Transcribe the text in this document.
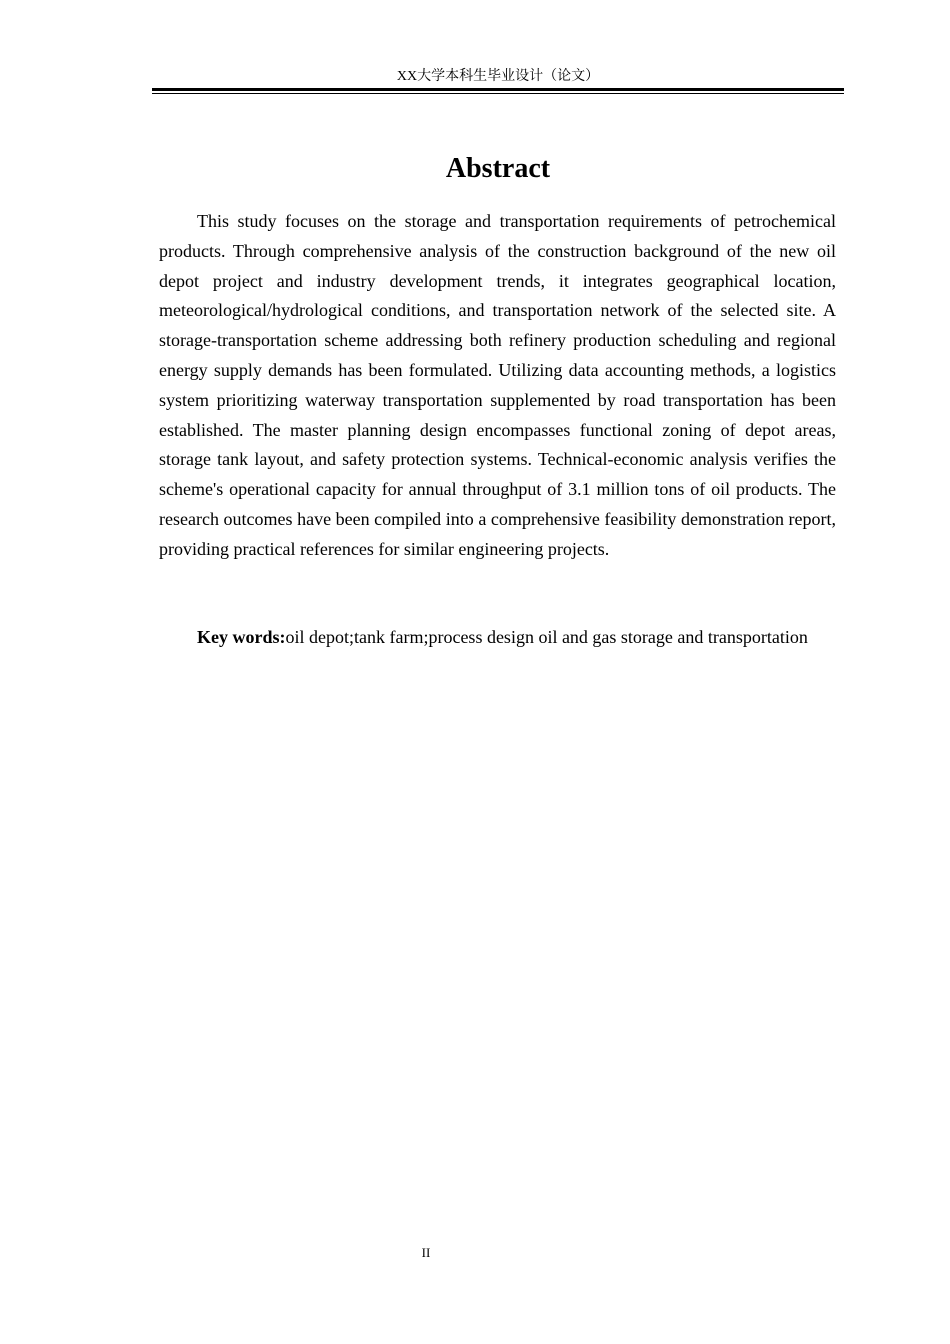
XX大学本科生毕业设计（论文）
Abstract

This study focuses on the storage and transportation requirements of petrochemical products. Through comprehensive analysis of the construction background of the new oil depot project and industry development trends, it integrates geographical location, meteorological/hydrological conditions, and transportation network of the selected site. A storage-transportation scheme addressing both refinery production scheduling and regional energy supply demands has been formulated. Utilizing data accounting methods, a logistics system prioritizing waterway transportation supplemented by road transportation has been established. The master planning design encompasses functional zoning of depot areas, storage tank layout, and safety protection systems. Technical-economic analysis verifies the scheme's operational capacity for annual throughput of 3.1 million tons of oil products. The research outcomes have been compiled into a comprehensive feasibility demonstration report, providing practical references for similar engineering projects.

Key words:oil depot;tank farm;process design oil and gas storage and transportation

II
